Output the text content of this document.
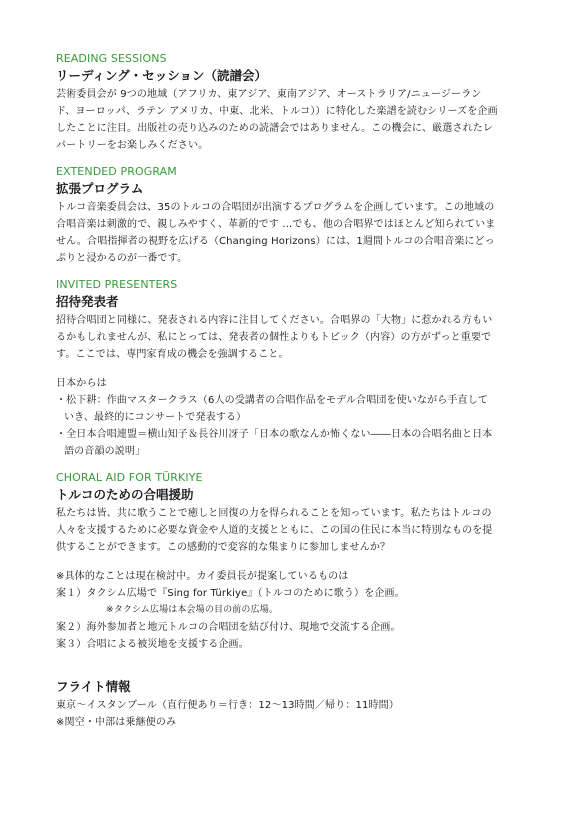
READING SESSIONS
リーディング・セッション（読譜会）
芸術委員会が 9つの地域（アフリカ、東アジア、東南アジア、オーストラリア/ニュージーラン
ド、ヨーロッパ、ラテン アメリカ、中東、北米、トルコ））に特化した楽譜を読むシリーズを企画
したことに注目。出版社の売り込みのための読譜会ではありません。この機会に、厳選されたレ
パートリーをお楽しみください。
EXTENDED PROGRAM
拡張プログラム
トルコ音楽委員会は、35のトルコの合唱団が出演するプログラムを企画しています。この地域の
合唱音楽は刺激的で、親しみやすく、革新的です …でも、他の合唱界ではほとんど知られていま
せん。合唱指揮者の視野を広げる（Changing Horizons）には、1週間トルコの合唱音楽にどっ
ぷりと浸かるのが一番です。
INVITED PRESENTERS
招待発表者
招待合唱団と同様に、発表される内容に注目してください。合唱界の「大物」に惹かれる方もい
るかもしれませんが、私にとっては、発表者の個性よりもトピック（内容）の方がずっと重要で
す。ここでは、専門家育成の機会を強調すること。
日本からは
・松下耕：作曲マスタークラス（6人の受講者の合唱作品をモデル合唱団を使いながら手直して
いき、最終的にコンサートで発表する）
・全日本合唱連盟＝横山知子＆長谷川冴子「日本の歌なんか怖くない――日本の合唱名曲と日本
語の音韻の説明」
CHORAL AID FOR TÜRKIYE
トルコのための合唱援助
私たちは皆、共に歌うことで癒しと回復の力を得られることを知っています。私たちはトルコの
人々を支援するために必要な資金や人道的支援とともに、この国の住民に本当に特別なものを提
供することができます。この感動的で変容的な集まりに参加しませんか？
※具体的なことは現在検討中。カイ委員長が提案しているものは
案１）タクシム広場で『Sing for Türkiye』（トルコのために歌う）を企画。
※タクシム広場は本会場の目の前の広場。
案２）海外参加者と地元トルコの合唱団を結び付け、現地で交流する企画。
案３）合唱による被災地を支援する企画。
フライト情報
東京〜イスタンブール（直行便あり＝行き：12〜13時間／帰り：11時間）
※関空・中部は乗継便のみ
